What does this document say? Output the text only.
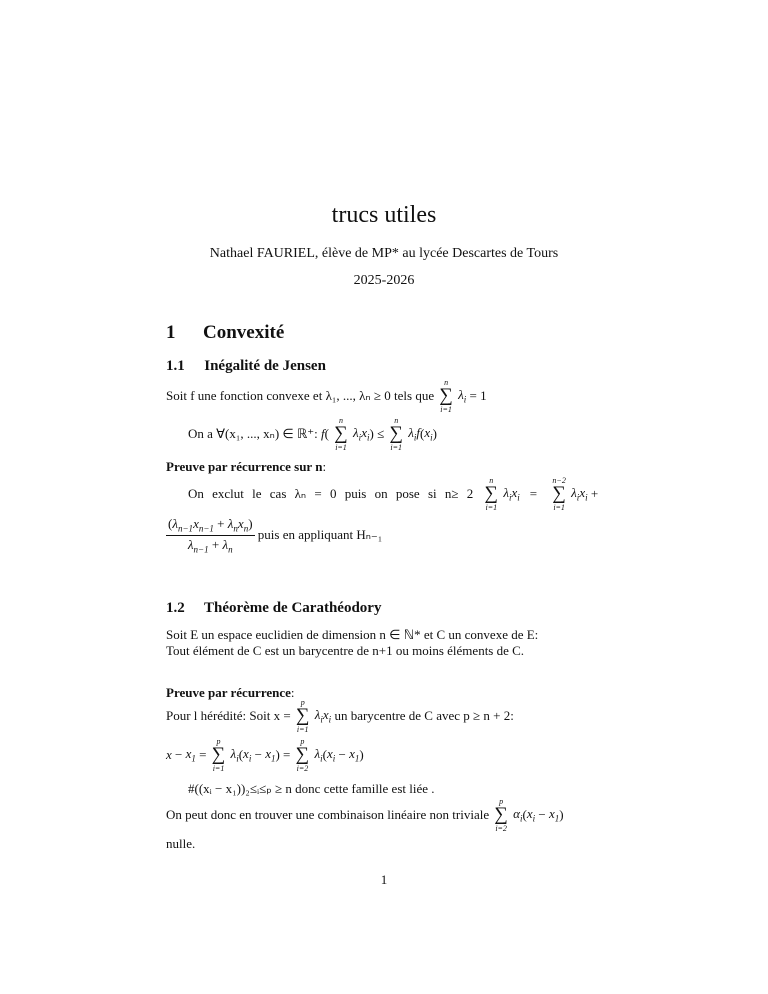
trucs utiles
Nathael FAURIEL, élève de MP* au lycée Descartes de Tours
2025-2026
1 Convexité
1.1 Inégalité de Jensen
Soit f une fonction convexe et λ₁, ..., λₙ ≥ 0 tels que
n
∑
i=1
$\lambda_i = 1$
On a ∀(x₁, ..., xₙ) ∈ ℝ⁺: f(
n
∑
i=1
$\lambda_ix_i$) ≤
n
∑
i=1
$\lambda_if(x_i)$
Preuve par récurrence sur n:
On exclut le cas λₙ = 0 puis on pose si n≥ 2
n
∑
i=1
$\lambda_ix_i$ =
n−2
∑
i=1
$\lambda_ix_i$ +
$\frac{(\lambda_{n-1}x_{n-1} + \lambda_nx_n)}{\lambda_{n-1} + \lambda_n}$ puis en appliquant Hₙ₋₁
1.2 Théorème de Carathéodory
Soit E un espace euclidien de dimension n ∈ ℕ* et C un convexe de E:
Tout élément de C est un barycentre de n+1 ou moins éléments de C.
Preuve par récurrence:
Pour l hérédité: Soit x =
p
∑
i=1
$\lambda_ix_i$ un barycentre de C avec p ≥ n + 2:
$x - x_1$ =
p
∑
i=1
$\lambda_i(x_i - x_1)$ =
p
∑
i=2
$\lambda_i(x_i - x_1)$
#((xᵢ − x₁))₂≤ᵢ≤ₚ ≥ n donc cette famille est liée .
On peut donc en trouver une combinaison linéaire non triviale
p
∑
i=2
$\alpha_i(x_i - x_1)$
nulle.
1
